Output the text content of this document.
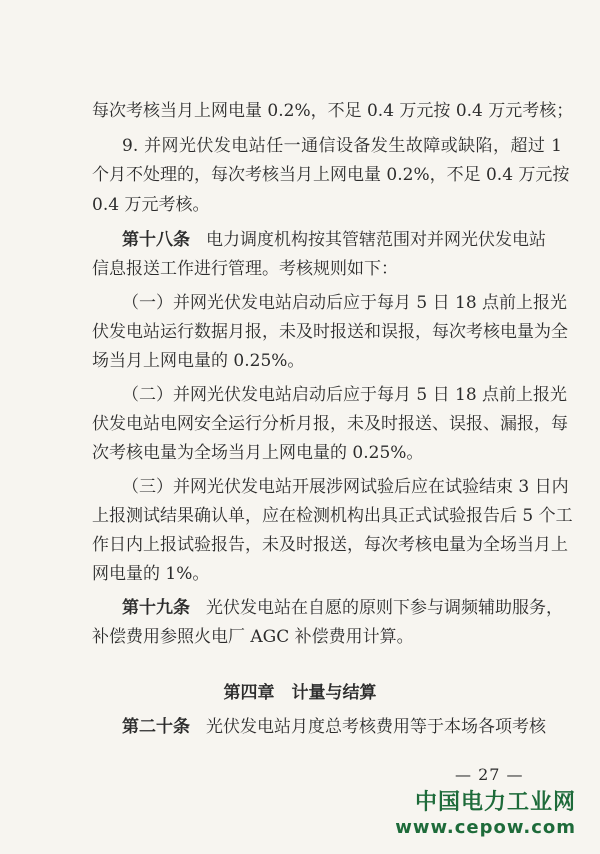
每次考核当月上网电量 0.2%，不足 0.4 万元按 0.4 万元考核；
9. 并网光伏发电站任一通信设备发生故障或缺陷，超过 1
个月不处理的，每次考核当月上网电量 0.2%，不足 0.4 万元按
0.4 万元考核。
第十八条 电力调度机构按其管辖范围对并网光伏发电站
信息报送工作进行管理。考核规则如下：
（一）并网光伏发电站启动后应于每月 5 日 18 点前上报光
伏发电站运行数据月报，未及时报送和误报，每次考核电量为全
场当月上网电量的 0.25%。
（二）并网光伏发电站启动后应于每月 5 日 18 点前上报光
伏发电站电网安全运行分析月报，未及时报送、误报、漏报，每
次考核电量为全场当月上网电量的 0.25%。
（三）并网光伏发电站开展涉网试验后应在试验结束 3 日内
上报测试结果确认单，应在检测机构出具正式试验报告后 5 个工
作日内上报试验报告，未及时报送，每次考核电量为全场当月上
网电量的 1%。
第十九条 光伏发电站在自愿的原则下参与调频辅助服务，
补偿费用参照火电厂 AGC 补偿费用计算。
第四章　计量与结算
第二十条 光伏发电站月度总考核费用等于本场各项考核
— 27 —
中国电力工业网
www.cepow.com
